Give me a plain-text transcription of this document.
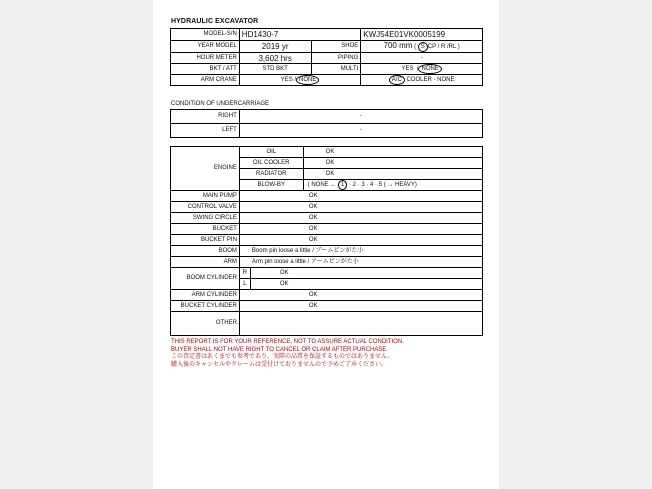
HYDRAULIC EXCAVATOR
MODEL-S/N	HD1430-7		KWJ54E01VK0005199
YEAR MODEL	2019 yr	SHOE	700 mm ( S CP / R /RL )
HOUR METER	3,602 hrs	PIPING	-
BKT / ATT	STD BKT	MULTI	YES / NONE
ARM CRANE	YES / NONE		A/C COOLER · NONE
CONDITION OF UNDERCARRIAGE
RIGHT	-
LEFT	-
ENGINE	OIL		OK
	OIL COOLER		OK
	RADIATOR		OK
	BLOW-BY		( NONE ← 1 · 2 · 3 · 4 · 5 ( → HEAVY)
MAIN PUMP	OK		
CONTROL VALVE	OK		
SWING CIRCLE	OK		
BUCKET	OK		
BUCKET PIN	OK		
BOOM	Boom pin loose a little / ブームピンがた小		
ARM	Arm pin loose a little / アームピンがた小		
BOOM CYLINDER	R	OK	
	L	OK	
ARM CYLINDER	OK		
BUCKET CYLINDER	OK		
OTHER			
THIS REPORT IS FOR YOUR REFERENCE, NOT TO ASSURE ACTUAL CONDITION.
BUYER SHALL NOT HAVE RIGHT TO CANCEL OR CLAIM AFTER PURCHASE.
この査定書はあくまでも参考であり、実際の品質を保証するものではありません。
購入後のキャンセルやクレームは受付けておりませんので予めご了承ください。
